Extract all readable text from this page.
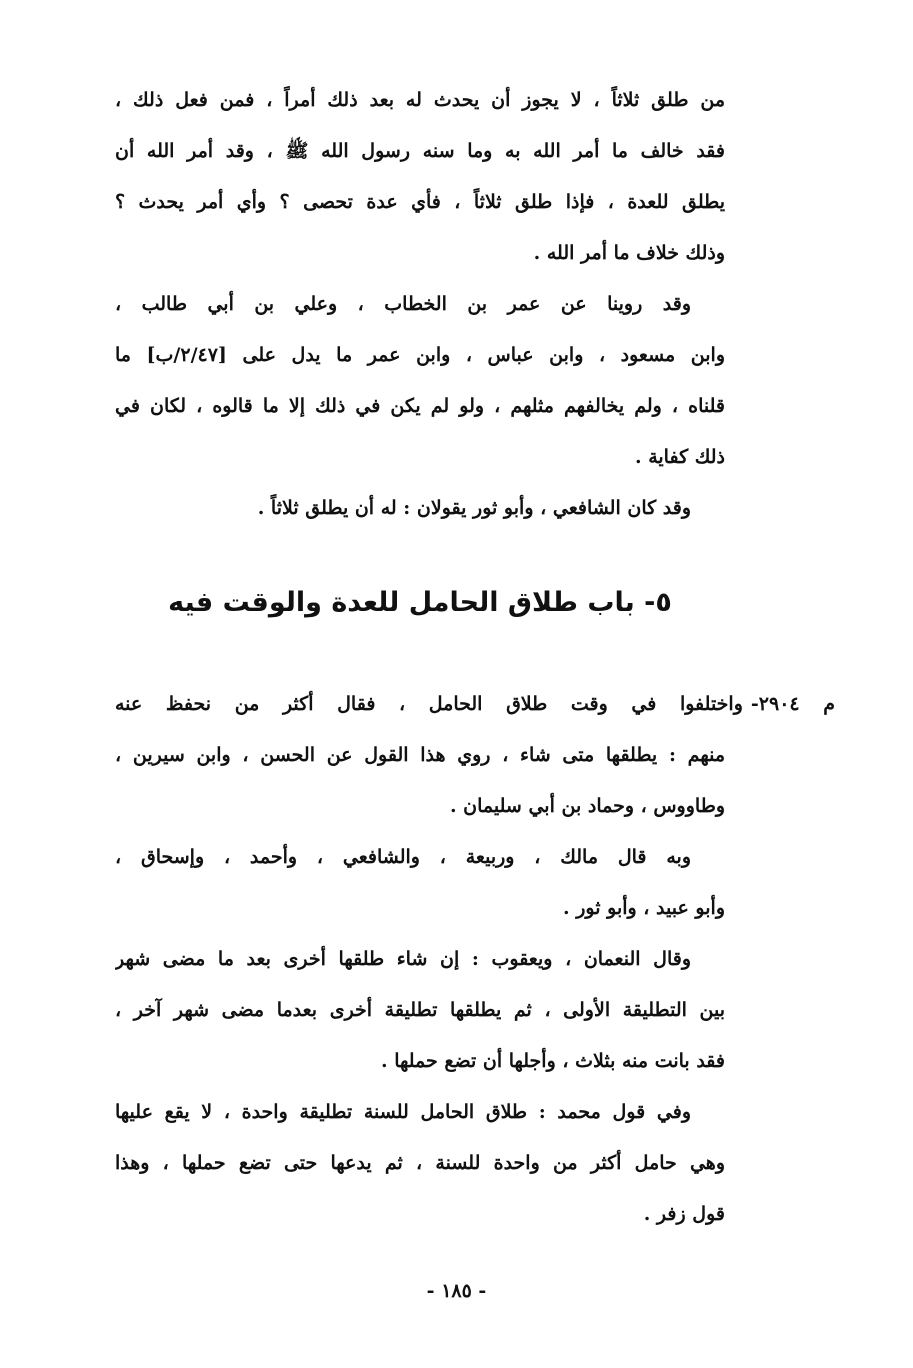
من طلق ثلاثاً ، لا يجوز أن يحدث له بعد ذلك أمراً ، فمن فعل ذلك ،
فقد خالف ما أمر الله به وما سنه رسول الله ﷺ ، وقد أمر الله أن
يطلق للعدة ، فإذا طلق ثلاثاً ، فأي عدة تحصى ؟ وأي أمر يحدث ؟
وذلك خلاف ما أمر الله .
وقد روينا عن عمر بن الخطاب ، وعلي بن أبي طالب ،
وابن مسعود ، وابن عباس ، وابن عمر ما يدل على [٢/٤٧/ب] ما
قلناه ، ولم يخالفهم مثلهم ، ولو لم يكن في ذلك إلا ما قالوه ، لكان في
ذلك كفاية .
وقد كان الشافعي ، وأبو ثور يقولان : له أن يطلق ثلاثاً .
٥- باب طلاق الحامل للعدة والوقت فيه
م ٢٩٠٤-واختلفوا في وقت طلاق الحامل ، فقال أكثر من نحفظ عنه
منهم : يطلقها متى شاء ، روي هذا القول عن الحسن ، وابن سيرين ،
وطاووس ، وحماد بن أبي سليمان .
وبه قال مالك ، وربيعة ، والشافعي ، وأحمد ، وإسحاق ،
وأبو عبيد ، وأبو ثور .
وقال النعمان ، ويعقوب : إن شاء طلقها أخرى بعد ما مضى شهر
بين التطليقة الأولى ، ثم يطلقها تطليقة أخرى بعدما مضى شهر آخر ،
فقد بانت منه بثلاث ، وأجلها أن تضع حملها .
وفي قول محمد : طلاق الحامل للسنة تطليقة واحدة ، لا يقع عليها
وهي حامل أكثر من واحدة للسنة ، ثم يدعها حتى تضع حملها ، وهذا
قول زفر .
- ١٨٥ -
